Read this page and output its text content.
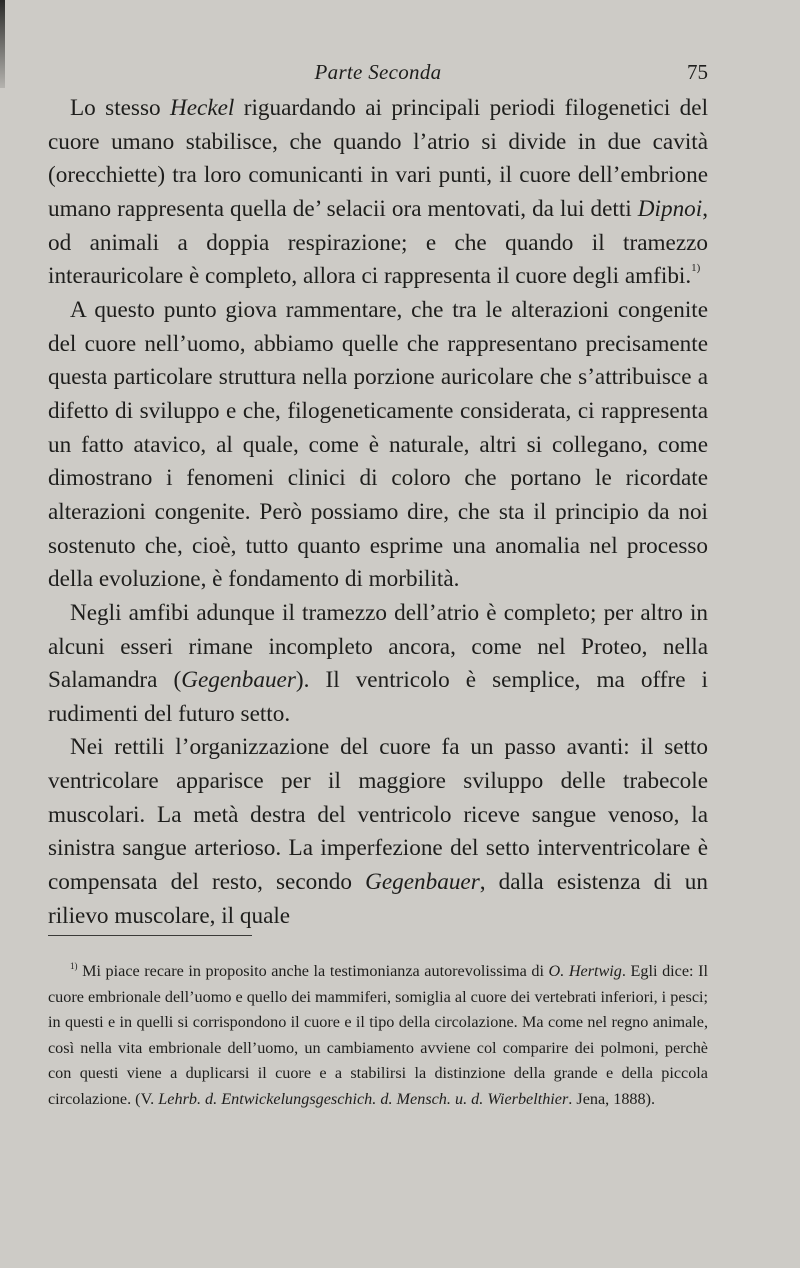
Parte Seconda	75

Lo stesso Heckel riguardando ai principali periodi filogenetici del cuore umano stabilisce, che quando l’atrio si divide in due cavità (orecchiette) tra loro comunicanti in vari punti, il cuore dell’embrione umano rappresenta quella de’ selacii ora mentovati, da lui detti Dipnoi, od animali a doppia respirazione; e che quando il tramezzo interauricolare è completo, allora ci rappresenta il cuore degli amfibi.$^{1)}$

A questo punto giova rammentare, che tra le alterazioni congenite del cuore nell’uomo, abbiamo quelle che rappresentano precisamente questa particolare struttura nella porzione auricolare che s’attribuisce a difetto di sviluppo e che, filogeneticamente considerata, ci rappresenta un fatto atavico, al quale, come è naturale, altri si collegano, come dimostrano i fenomeni clinici di coloro che portano le ricordate alterazioni congenite. Però possiamo dire, che sta il principio da noi sostenuto che, cioè, tutto quanto esprime una anomalia nel processo della evoluzione, è fondamento di morbilità.

Negli amfibi adunque il tramezzo dell’atrio è completo; per altro in alcuni esseri rimane incompleto ancora, come nel Proteo, nella Salamandra (Gegenbauer). Il ventricolo è semplice, ma offre i rudimenti del futuro setto.

Nei rettili l’organizzazione del cuore fa un passo avanti: il setto ventricolare apparisce per il maggiore sviluppo delle trabecole muscolari. La metà destra del ventricolo riceve sangue venoso, la sinistra sangue arterioso. La imperfezione del setto interventricolare è compensata del resto, secondo Gegenbauer, dalla esistenza di un rilievo muscolare, il quale

$^{1)}$ Mi piace recare in proposito anche la testimonianza autorevolissima di O. Hertwig. Egli dice: Il cuore embrionale dell’uomo e quello dei mammiferi, somiglia al cuore dei vertebrati inferiori, i pesci; in questi e in quelli si corrispondono il cuore e il tipo della circolazione. Ma come nel regno animale, così nella vita embrionale dell’uomo, un cambiamento avviene col comparire dei polmoni, perchè con questi viene a duplicarsi il cuore e a stabilirsi la distinzione della grande e della piccola circolazione. (V. Lehrb. d. Entwickelungsgeschich. d. Mensch. u. d. Wierbelthier. Jena, 1888).
